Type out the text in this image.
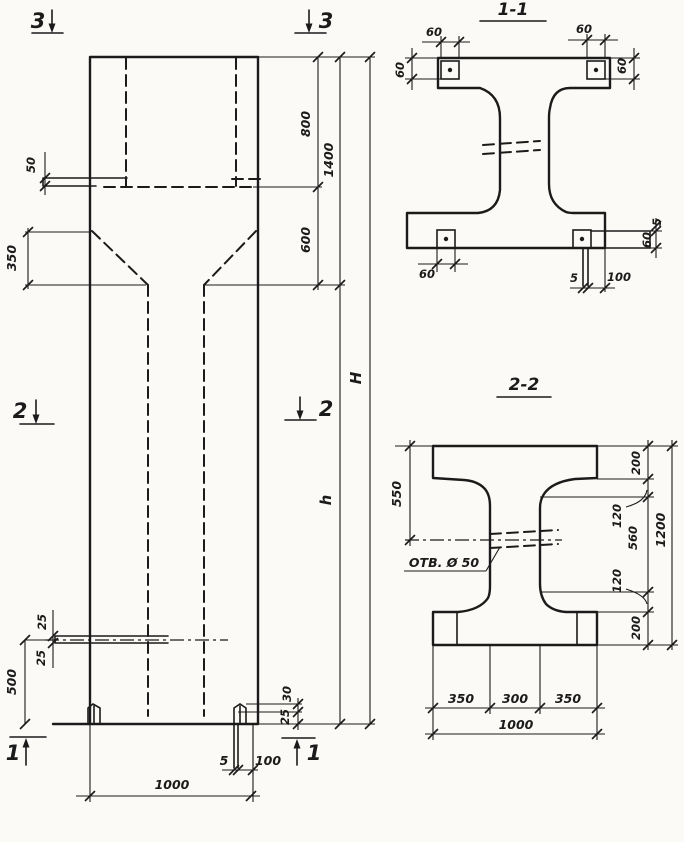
50
350
800
1400
600
H
h
25
25
500	30
25
5 100
1000
3	3
2	2
1	1
1-1
60
60
60
60
60	5	100
5
60
2-2
ОТВ. Ø 50
550
200
120
560
120
200
1200
350 300 350
1000
